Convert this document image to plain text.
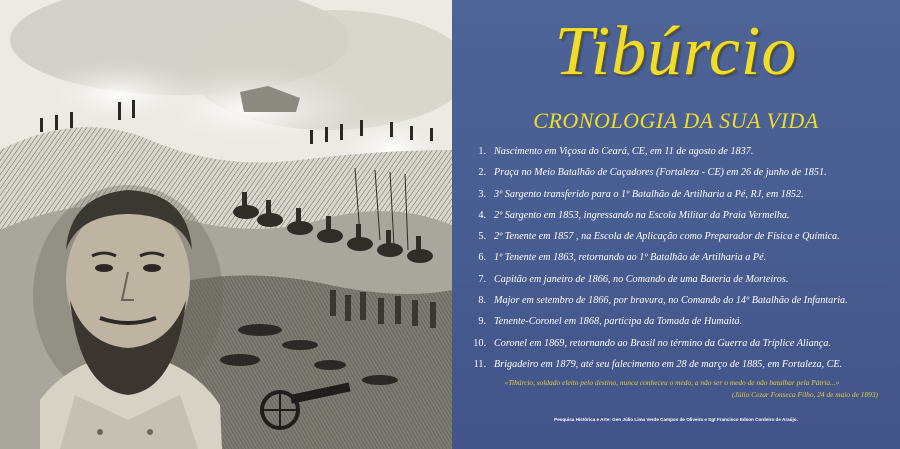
Tibúrcio
CRONOLOGIA DA SUA VIDA
1. Nascimento em Viçosa do Ceará, CE, em 11 de agosto de 1837.
2. Praça no Meio Batalhão de Caçadores (Fortaleza - CE) em 26 de junho de 1851.
3. 3º Sargento transferido para o 1º Batalhão de Artilharia a Pé, RJ, em 1852.
4. 2º Sargento em 1853, ingressando na Escola Militar da Praia Vermelha.
5. 2º Tenente em 1857 , na Escola de Aplicação como Preparador de Física e Química.
6. 1º Tenente em 1863, retornando ao 1º Batalhão de Artilharia a Pé.
7. Capitão em janeiro de 1866, no Comando de uma Bateria de Morteiros.
8. Major em setembro de 1866, por bravura, no Comando do 14º Batalhão de Infantaria.
9. Tenente-Coronel em 1868, participa da Tomada de Humaitá.
10. Coronel em 1869, retornando ao Brasil no término da Guerra da Tríplice Aliança.
11. Brigadeiro em 1879, até seu falecimento em 28 de março de 1885, em Fortaleza, CE.

«Tibúrcio, soldado eleito pelo destino, nunca conheceu o medo, a não ser o medo de não batalhar pela Pátria...»

(Júlio Cezar Fonseca Filho, 24 de maio de 1893)

Pesquisa Histórica e Arte: Gen Júlio Lima Verde Campos de Oliveira e Sgt Francisco Edson Cordeiro de Araújo.
